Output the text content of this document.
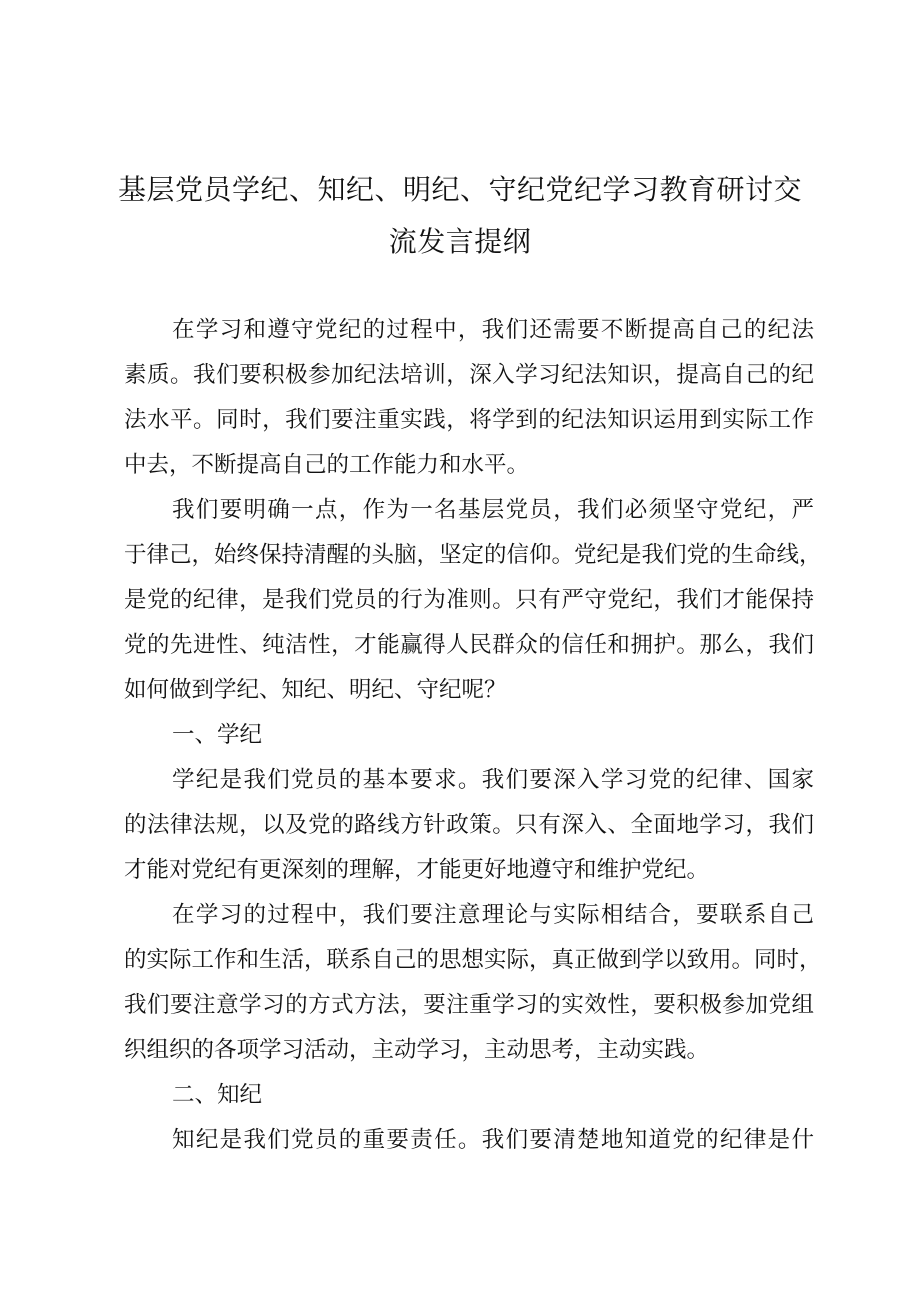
基层党员学纪、知纪、明纪、守纪党纪学习教育研讨交
流发言提纲
在学习和遵守党纪的过程中，我们还需要不断提高自己的纪法
素质。我们要积极参加纪法培训，深入学习纪法知识，提高自己的纪
法水平。同时，我们要注重实践，将学到的纪法知识运用到实际工作
中去，不断提高自己的工作能力和水平。
我们要明确一点，作为一名基层党员，我们必须坚守党纪，严
于律己，始终保持清醒的头脑，坚定的信仰。党纪是我们党的生命线，
是党的纪律，是我们党员的行为准则。只有严守党纪，我们才能保持
党的先进性、纯洁性，才能赢得人民群众的信任和拥护。那么，我们
如何做到学纪、知纪、明纪、守纪呢？
一、学纪
学纪是我们党员的基本要求。我们要深入学习党的纪律、国家
的法律法规，以及党的路线方针政策。只有深入、全面地学习，我们
才能对党纪有更深刻的理解，才能更好地遵守和维护党纪。
在学习的过程中，我们要注意理论与实际相结合，要联系自己
的实际工作和生活，联系自己的思想实际，真正做到学以致用。同时，
我们要注意学习的方式方法，要注重学习的实效性，要积极参加党组
织组织的各项学习活动，主动学习，主动思考，主动实践。
二、知纪
知纪是我们党员的重要责任。我们要清楚地知道党的纪律是什
